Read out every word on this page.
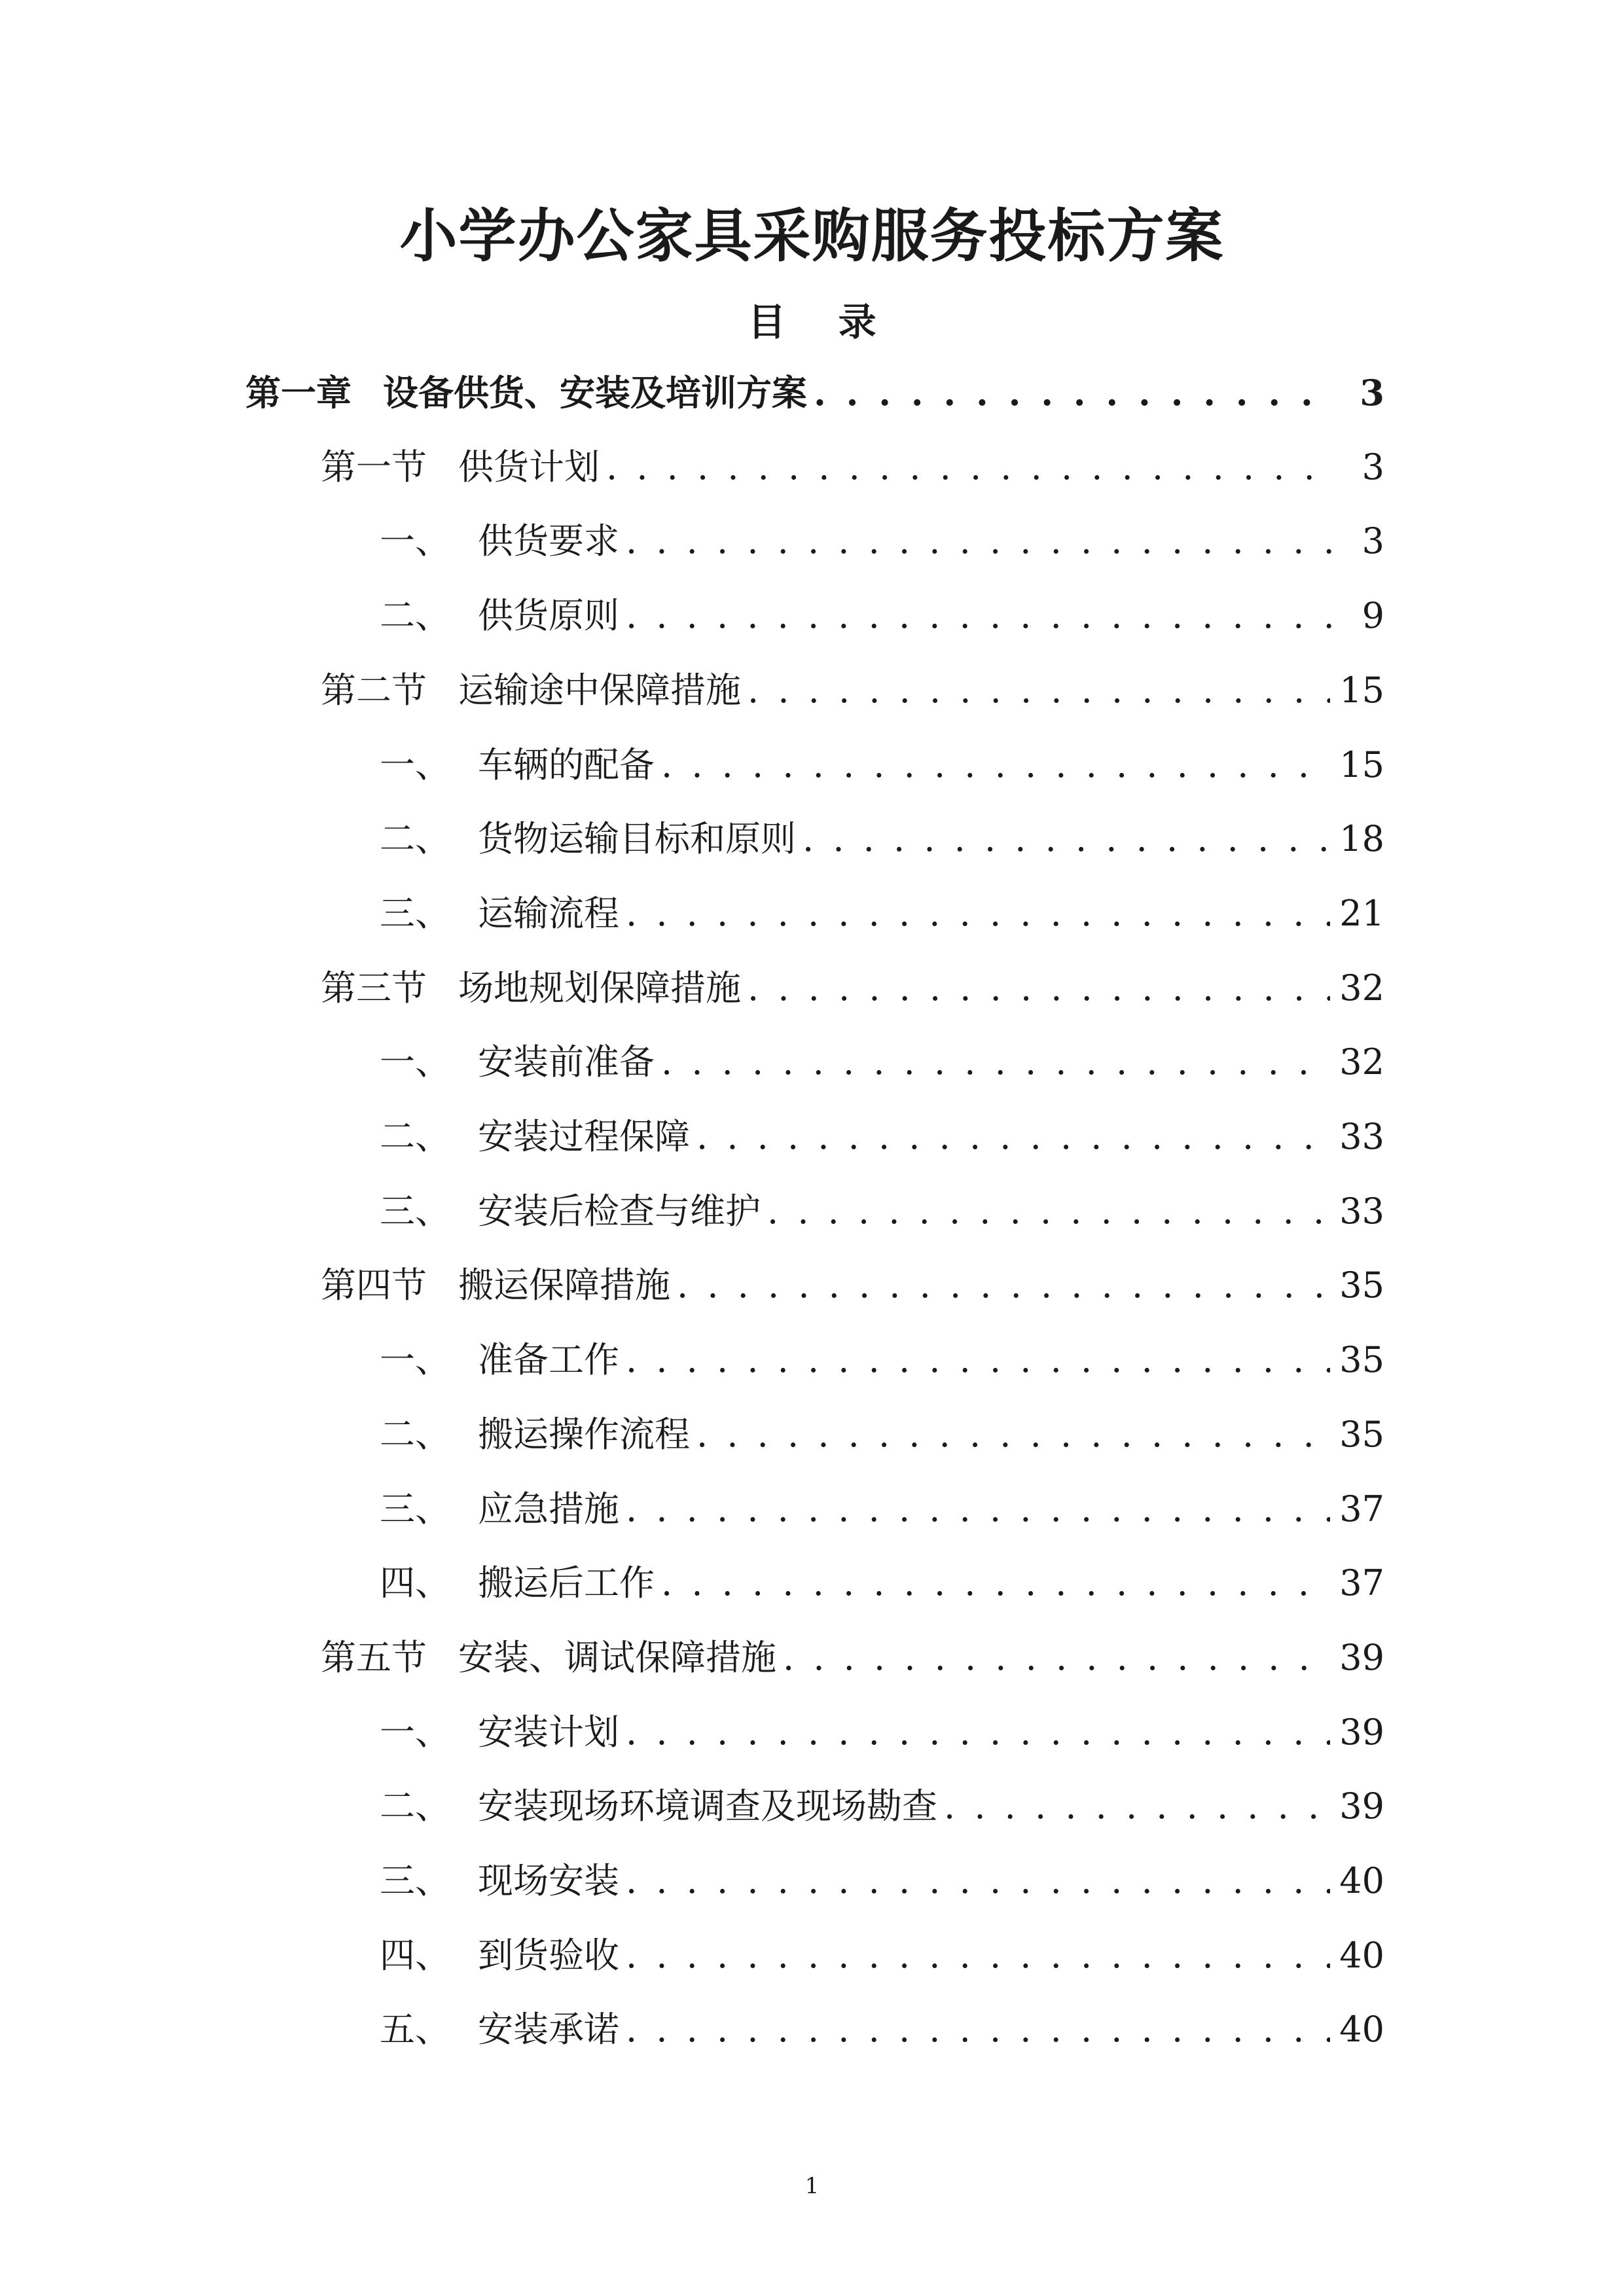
小学办公家具采购服务投标方案
目 录
第一章 设备供货、安装及培训方案 . . .	3
第一节 供货计划 . . .	3
一、 供货要求 . . .	3
二、 供货原则 . . .	9
第二节 运输途中保障措施 . . .	15
一、 车辆的配备 . . .	15
二、 货物运输目标和原则 . . .	18
三、 运输流程 . . .	21
第三节 场地规划保障措施 . . .	32
一、 安装前准备 . . .	32
二、 安装过程保障 . . .	33
三、 安装后检查与维护 . . .	33
第四节 搬运保障措施 . . .	35
一、 准备工作 . . .	35
二、 搬运操作流程 . . .	35
三、 应急措施 . . .	37
四、 搬运后工作 . . .	37
第五节 安装、调试保障措施 . . .	39
一、 安装计划 . . .	39
二、 安装现场环境调查及现场勘查 . . .	39
三、 现场安装 . . .	40
四、 到货验收 . . .	40
五、 安装承诺 . . .	40
1
